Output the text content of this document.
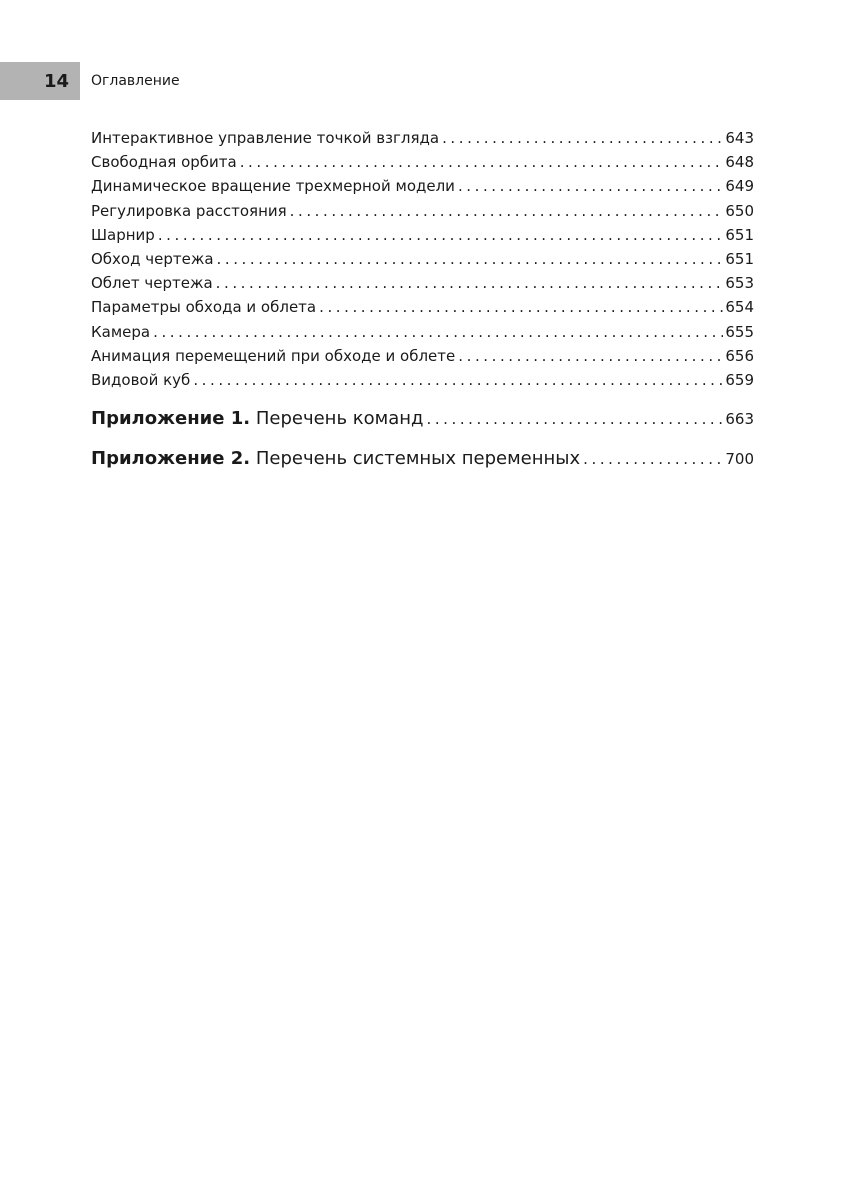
14	Оглавление
Интерактивное управление точкой взгляда . . .	643
Свободная орбита . . .	648
Динамическое вращение трехмерной модели . . .	649
Регулировка расстояния . . .	650
Шарнир . . .	651
Обход чертежа . . .	651
Облет чертежа . . .	653
Параметры обхода и облета . . .	654
Камера . . .	655
Анимация перемещений при обходе и облете . . .	656
Видовой куб . . .	659
Приложение 1. Перечень команд . . .	663
Приложение 2. Перечень системных переменных . . .	700
